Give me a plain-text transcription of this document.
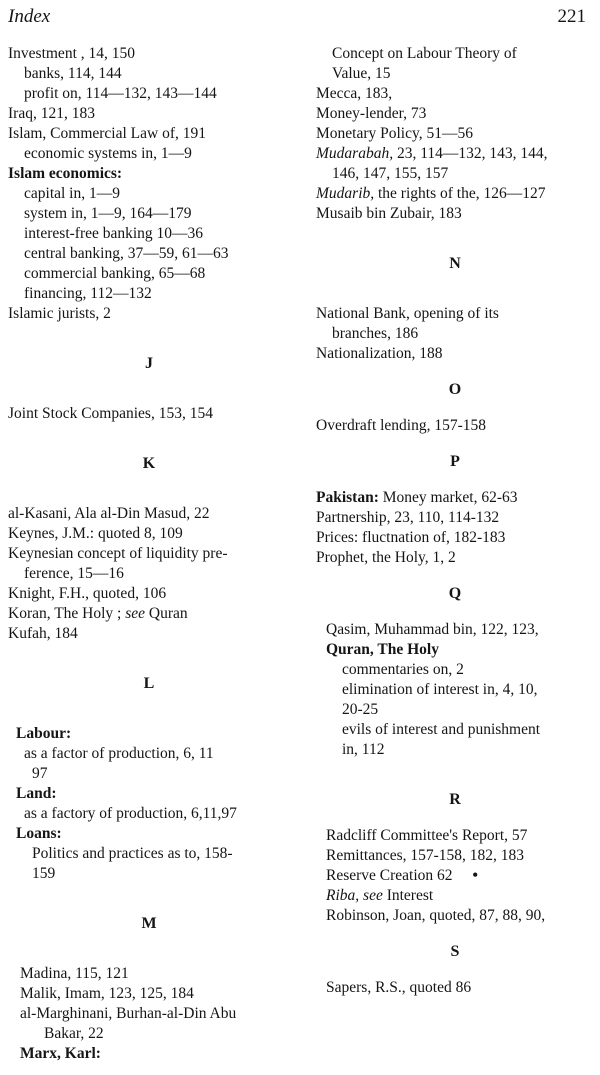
Index	221
Investment , 14, 150
banks, 114, 144
profit on, 114—132, 143—144
Iraq, 121, 183
Islam, Commercial Law of, 191
economic systems in, 1—9
Islam economics:
capital in, 1—9
system in, 1—9, 164—179
interest-free banking 10—36
central banking, 37—59, 61—63
commercial banking, 65—68
financing, 112—132
Islamic jurists, 2
J
Joint Stock Companies, 153, 154
K
al-Kasani, Ala al-Din Masud, 22
Keynes, J.M.: quoted 8, 109
Keynesian concept of liquidity pre-
ference, 15—16
Knight, F.H., quoted, 106
Koran, The Holy ; see Quran
Kufah, 184
L
Labour:
as a factor of production, 6, 11
97
Land:
as a factory of production, 6,11,97
Loans:
Politics and practices as to, 158-
159
M
Madina, 115, 121
Malik, Imam, 123, 125, 184
al-Marghinani, Burhan-al-Din Abu
Bakar, 22
Marx, Karl:
Concept on Labour Theory of
Value, 15
Mecca, 183,
Money-lender, 73
Monetary Policy, 51—56
Mudarabah, 23, 114—132, 143, 144,
146, 147, 155, 157
Mudarib, the rights of the, 126—127
Musaib bin Zubair, 183
N
National Bank, opening of its
branches, 186
Nationalization, 188
O
Overdraft lending, 157-158
P
Pakistan: Money market, 62-63
Partnership, 23, 110, 114-132
Prices: fluctnation of, 182-183
Prophet, the Holy, 1, 2
Q
Qasim, Muhammad bin, 122, 123,
Quran, The Holy
commentaries on, 2
elimination of interest in, 4, 10,
20-25
evils of interest and punishment
in, 112
R
Radcliff Committee's Report, 57
Remittances, 157-158, 182, 183
Reserve Creation 62 •
Riba, see Interest
Robinson, Joan, quoted, 87, 88, 90,
S
Sapers, R.S., quoted 86
